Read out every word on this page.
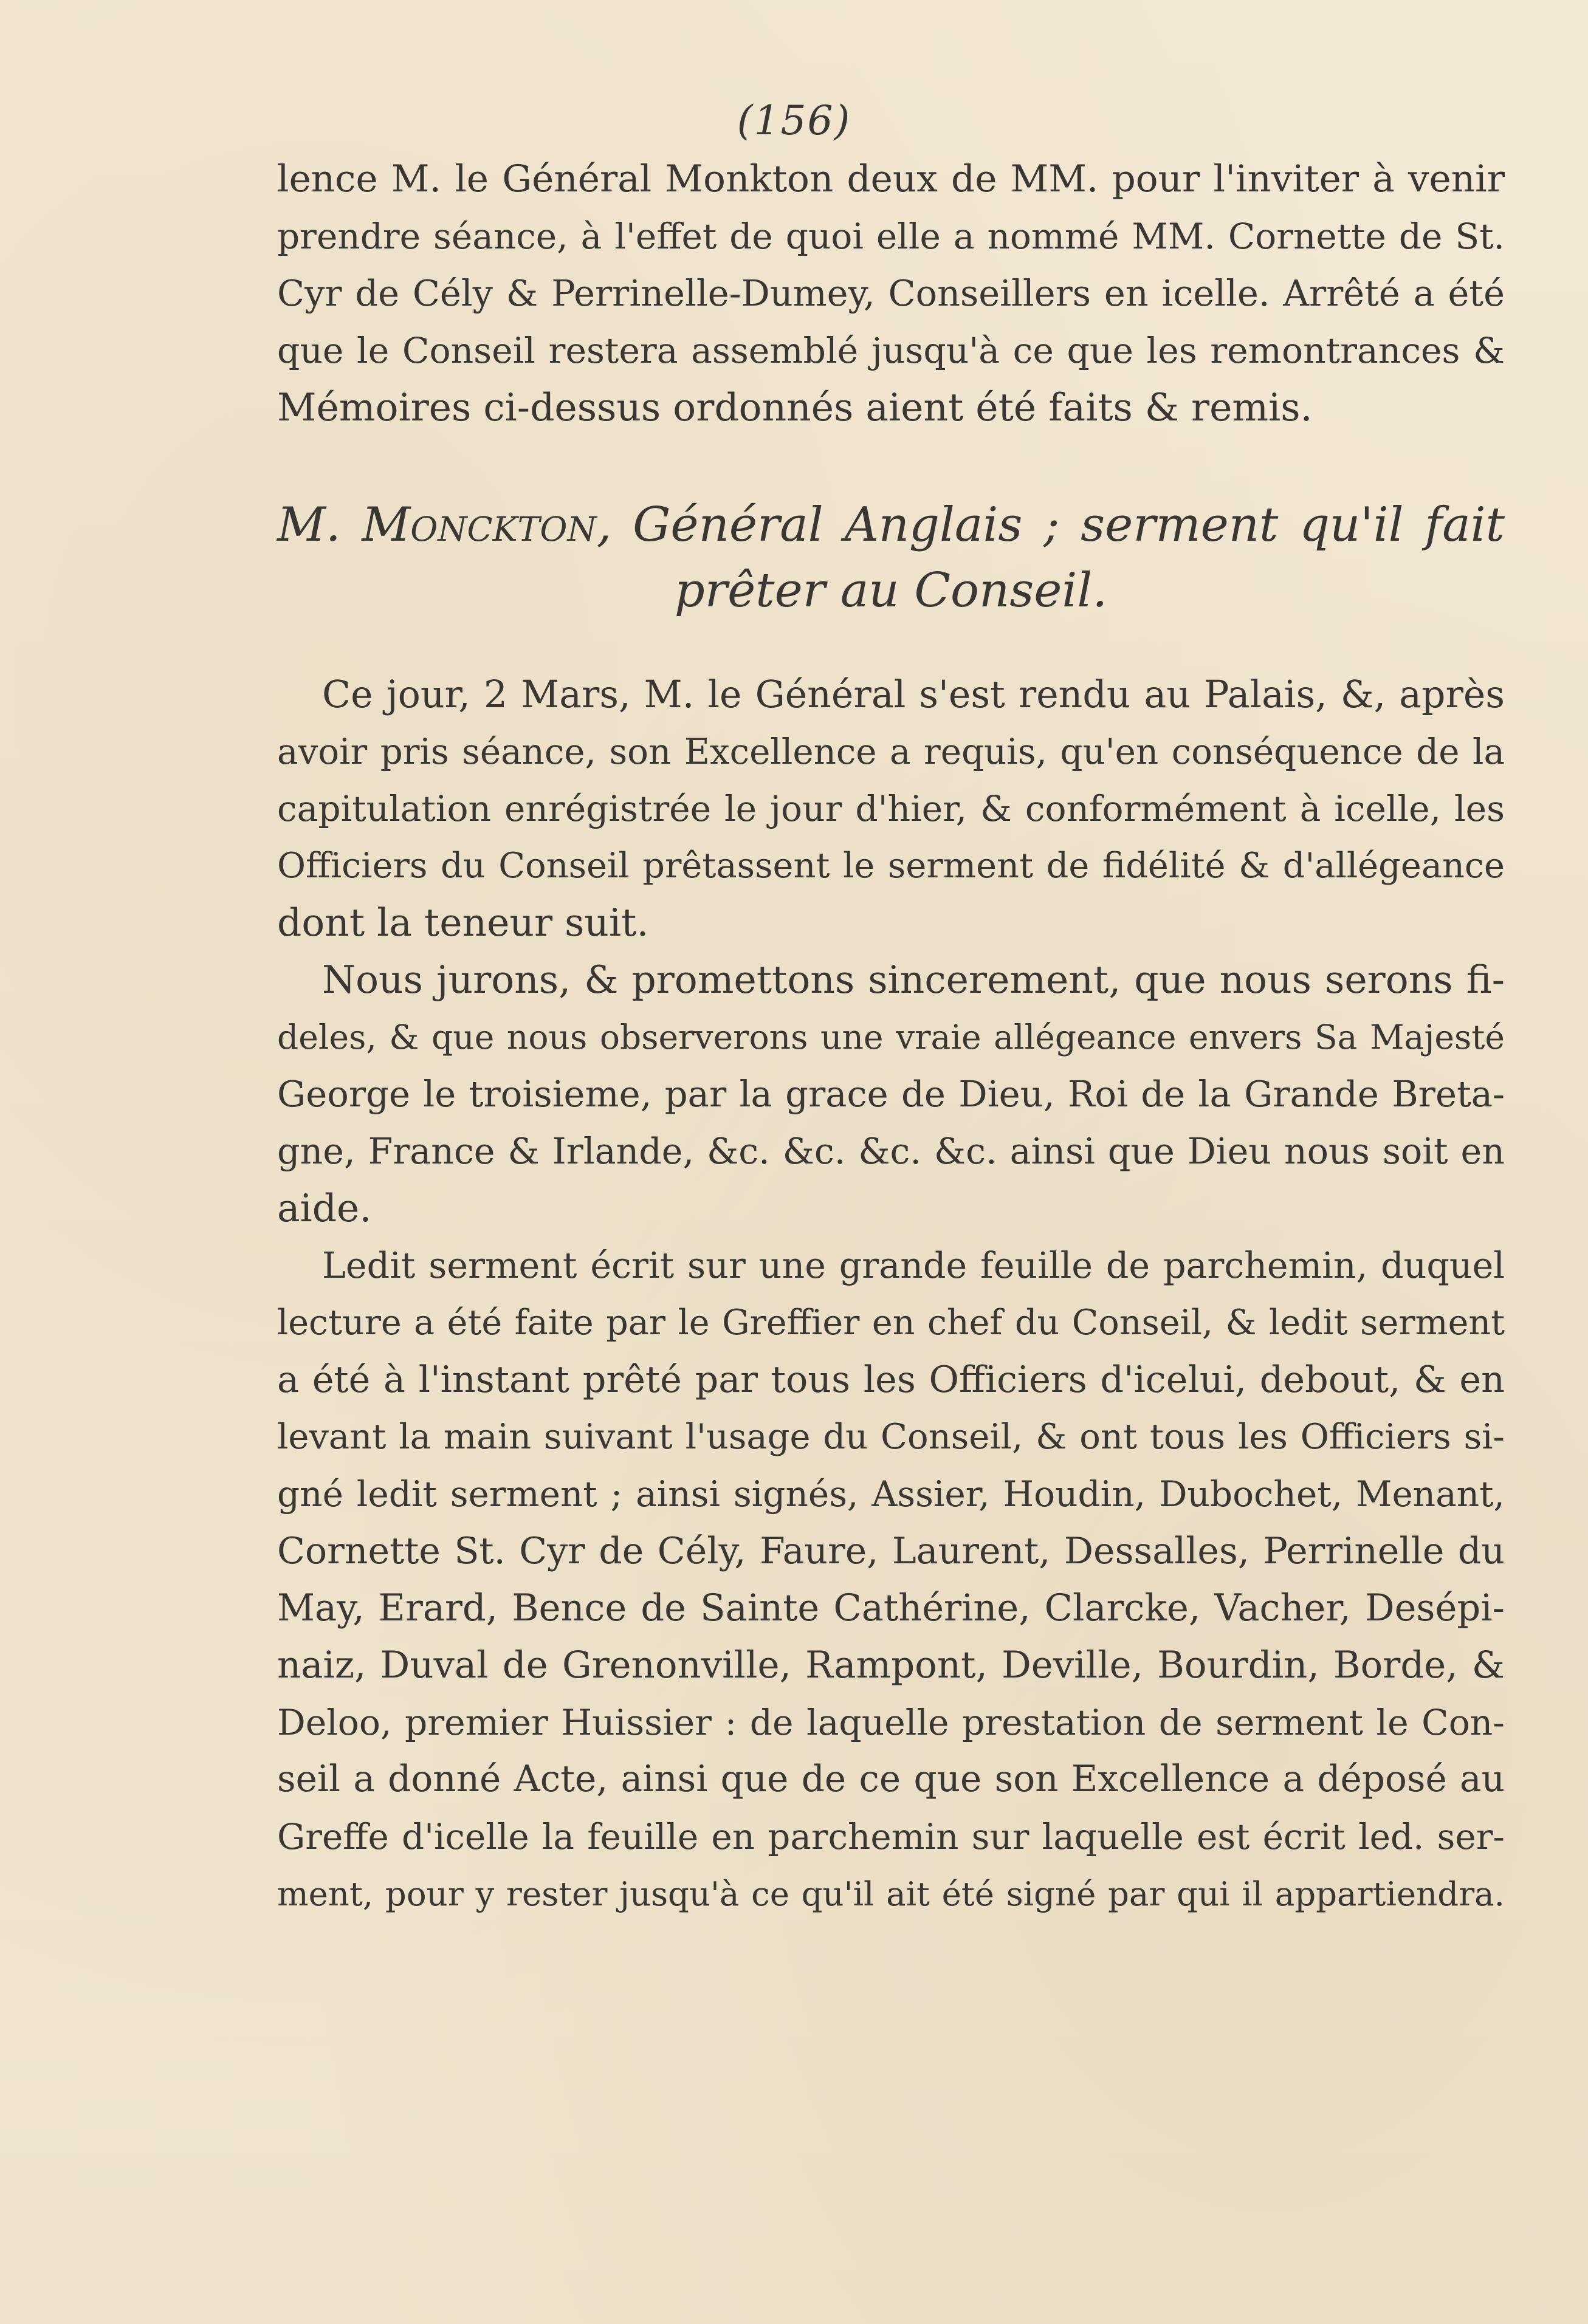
(156)
lence M. le Général Monkton deux de MM. pour l'inviter à venir
prendre séance, à l'effet de quoi elle a nommé MM. Cornette de St.
Cyr de Cély & Perrinelle-Dumey, Conseillers en icelle. Arrêté a été
que le Conseil restera assemblé jusqu'à ce que les remontrances &
Mémoires ci-dessus ordonnés aient été faits & remis.
M. Monckton, Général Anglais ; serment qu'il fait
prêter au Conseil.
Ce jour, 2 Mars, M. le Général s'est rendu au Palais, &, après
avoir pris séance, son Excellence a requis, qu'en conséquence de la
capitulation enrégistrée le jour d'hier, & conformément à icelle, les
Officiers du Conseil prêtassent le serment de fidélité & d'allégeance
dont la teneur suit.
Nous jurons, & promettons sincerement, que nous serons fi-
deles, & que nous observerons une vraie allégeance envers Sa Majesté
George le troisieme, par la grace de Dieu, Roi de la Grande Breta-
gne, France & Irlande, &c. &c. &c. &c. ainsi que Dieu nous soit en
aide.
Ledit serment écrit sur une grande feuille de parchemin, duquel
lecture a été faite par le Greffier en chef du Conseil, & ledit serment
a été à l'instant prêté par tous les Officiers d'icelui, debout, & en
levant la main suivant l'usage du Conseil, & ont tous les Officiers si-
gné ledit serment ; ainsi signés, Assier, Houdin, Dubochet, Menant,
Cornette St. Cyr de Cély, Faure, Laurent, Dessalles, Perrinelle du
May, Erard, Bence de Sainte Cathérine, Clarcke, Vacher, Desépi-
naiz, Duval de Grenonville, Rampont, Deville, Bourdin, Borde, &
Deloo, premier Huissier : de laquelle prestation de serment le Con-
seil a donné Acte, ainsi que de ce que son Excellence a déposé au
Greffe d'icelle la feuille en parchemin sur laquelle est écrit led. ser-
ment, pour y rester jusqu'à ce qu'il ait été signé par qui il appartiendra.
